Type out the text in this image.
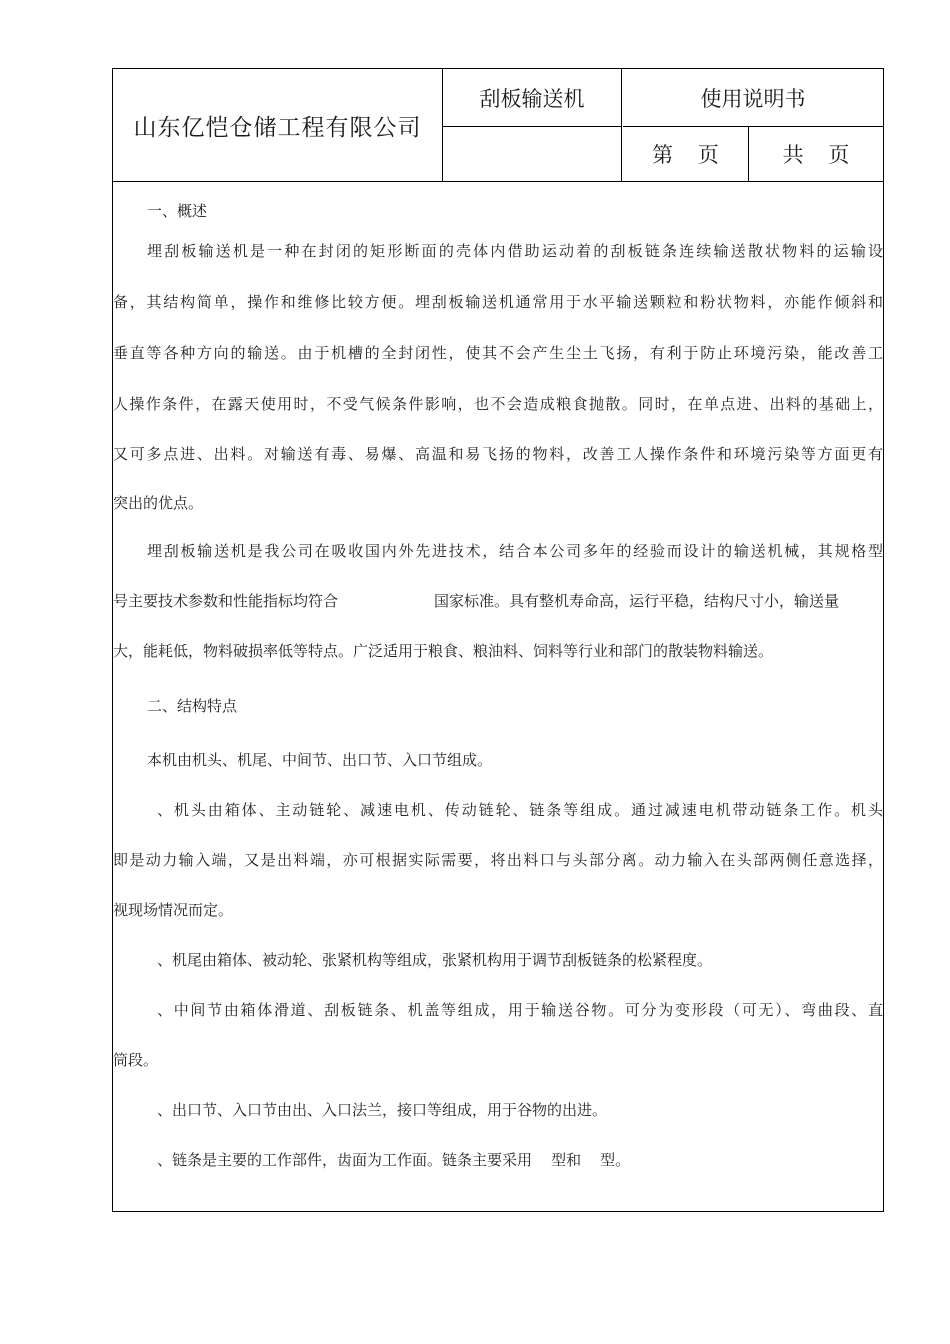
山东亿恺仓储工程有限公司
刮板输送机	使用说明书
第 页	共 页

一、概述

埋刮板输送机是一种在封闭的矩形断面的壳体内借助运动着的刮板链条连续输送散状物料的运输设

备，其结构简单，操作和维修比较方便。埋刮板输送机通常用于水平输送颗粒和粉状物料，亦能作倾斜和

垂直等各种方向的输送。由于机槽的全封闭性，使其不会产生尘土飞扬，有利于防止环境污染，能改善工

人操作条件，在露天使用时，不受气候条件影响，也不会造成粮食抛散。同时，在单点进、出料的基础上，

又可多点进、出料。对输送有毒、易爆、高温和易飞扬的物料，改善工人操作条件和环境污染等方面更有

突出的优点。

埋刮板输送机是我公司在吸收国内外先进技术，结合本公司多年的经验而设计的输送机械，其规格型

号主要技术参数和性能指标均符合	国家标准。具有整机寿命高，运行平稳，结构尺寸小，输送量

大，能耗低，物料破损率低等特点。广泛适用于粮食、粮油料、饲料等行业和部门的散装物料输送。

二、结构特点

本机由机头、机尾、中间节、出口节、入口节组成。

、机头由箱体、主动链轮、减速电机、传动链轮、链条等组成。通过减速电机带动链条工作。机头

即是动力输入端，又是出料端，亦可根据实际需要，将出料口与头部分离。动力输入在头部两侧任意选择，

视现场情况而定。

、机尾由箱体、被动轮、张紧机构等组成，张紧机构用于调节刮板链条的松紧程度。

、中间节由箱体滑道、刮板链条、机盖等组成，用于输送谷物。可分为变形段（可无）、弯曲段、直

筒段。

、出口节、入口节由出、入口法兰，接口等组成，用于谷物的出进。

、链条是主要的工作部件，齿面为工作面。链条主要采用    型和    型。
